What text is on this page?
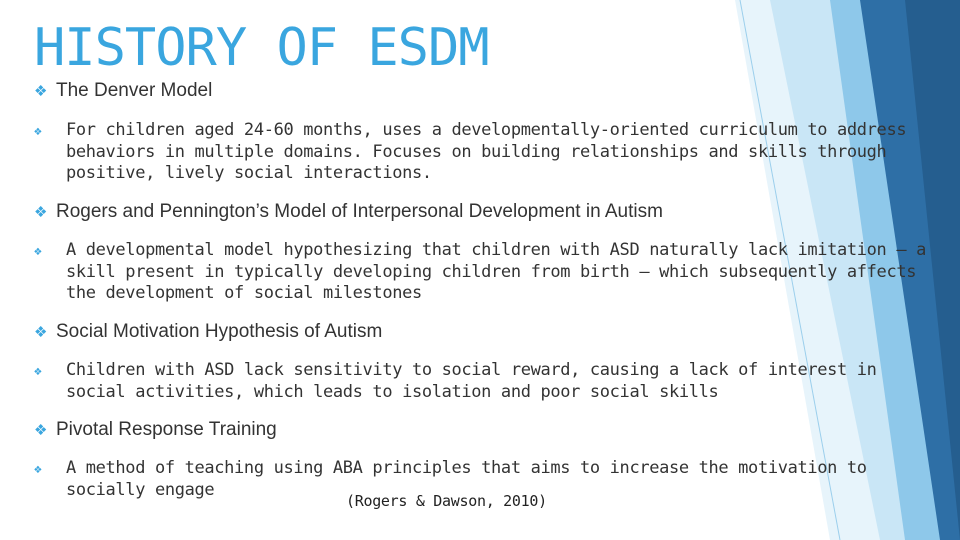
HISTORY OF ESDM
❖ The Denver Model
❖ For children aged 24-60 months, uses a developmentally-oriented curriculum to address behaviors in multiple domains. Focuses on building relationships and skills through positive, lively social interactions.
❖ Rogers and Pennington’s Model of Interpersonal Development in Autism
❖ A developmental model hypothesizing that children with ASD naturally lack imitation – a skill present in typically developing children from birth – which subsequently affects the development of social milestones
❖ Social Motivation Hypothesis of Autism
❖ Children with ASD lack sensitivity to social reward, causing a lack of interest in social activities, which leads to isolation and poor social skills
❖ Pivotal Response Training
❖ A method of teaching using ABA principles that aims to increase the motivation to socially engage
(Rogers & Dawson, 2010)
